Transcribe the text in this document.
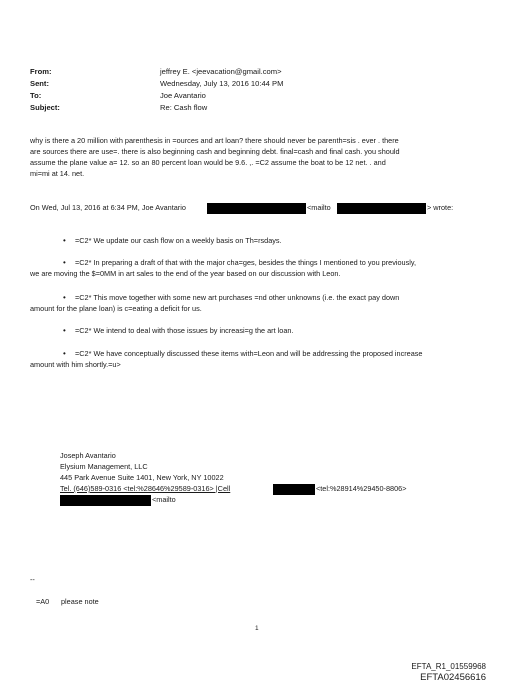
From:	jeffrey E. <jeevacation@gmail.com>
Sent:	Wednesday, July 13, 2016 10:44 PM
To:	Joe Avantario
Subject:	Re: Cash flow
why is there a 20 million with parenthesis in =ources and art loan? there should never be parenth=sis . ever . there
are sources there are use=. there is also beginning cash and beginning debt. final=cash and final cash. you should
assume the plane value a= 12. so an 80 percent loan would be 9.6. ,. =C2 assume the boat to be 12 net. . and
mi=mi at 14. net.
On Wed, Jul 13, 2016 at 6:34 PM, Joe Avantario	<mailto	> wrote:
• =C2* We update our cash flow on a weekly basis on Th=rsdays.
• =C2* In preparing a draft of that with the major cha=ges, besides the things I mentioned to you previously,
we are moving the $=0MM in art sales to the end of the year based on our discussion with Leon.
• =C2* This move together with some new art purchases =nd other unknowns (i.e. the exact pay down
amount for the plane loan) is c=eating a deficit for us.
• =C2* We intend to deal with those issues by increasi=g the art loan.
• =C2* We have conceptually discussed these items with=Leon and will be addressing the proposed increase
amount with him shortly.=u>
Joseph Avantario
Elysium Management, LLC
445 Park Avenue Suite 1401, New York, NY 10022
Tel. (646)589-0316 <tel:%28646%29589-0316> |Cell	<tel:%28914%29450-8806>
<mailto
--
=A0 please note
1
EFTA_R1_01559968
EFTA02456616
